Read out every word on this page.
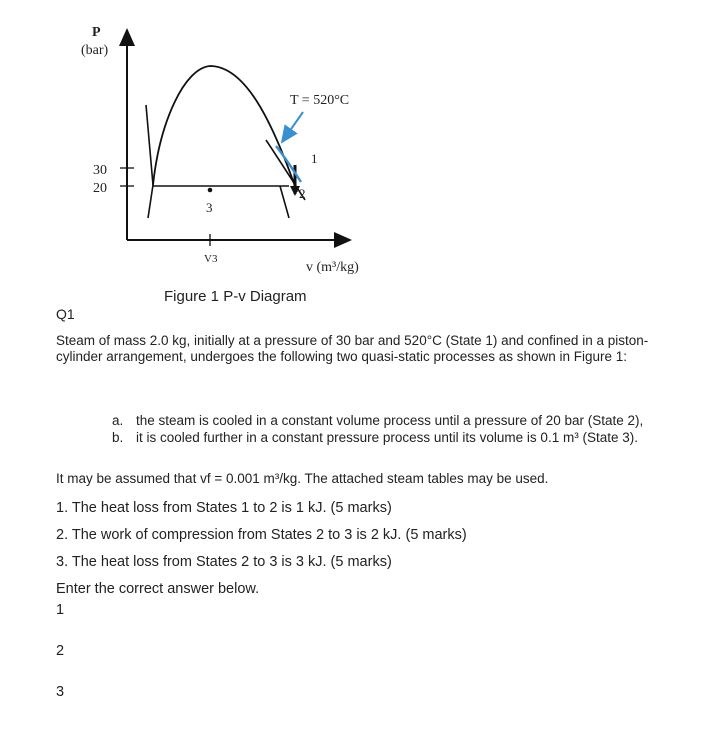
P
(bar)
30
20
T = 520°C
1
2
3
V3
v (m³/kg)
Figure 1 P-v Diagram
Q1
Steam of mass 2.0 kg, initially at a pressure of 30 bar and 520°C (State 1) and confined in a piston-cylinder arrangement, undergoes the following two quasi-static processes as shown in Figure 1:
a. the steam is cooled in a constant volume process until a pressure of 20 bar (State 2),
b. it is cooled further in a constant pressure process until its volume is 0.1 m³ (State 3).
It may be assumed that vf = 0.001 m³/kg. The attached steam tables may be used.
1. The heat loss from States 1 to 2 is 1 kJ. (5 marks)
2. The work of compression from States 2 to 3 is 2 kJ. (5 marks)
3. The heat loss from States 2 to 3 is 3 kJ. (5 marks)
Enter the correct answer below.
1
2
3
